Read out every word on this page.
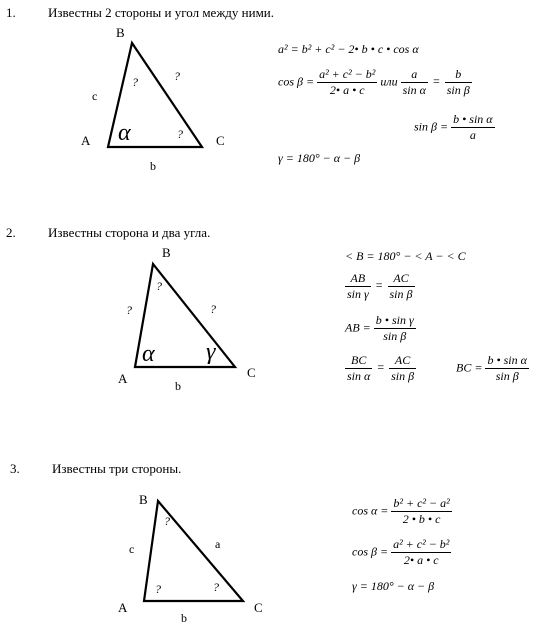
1. Известны 2 стороны и угол между ними.
B
A	C
c
b
?	?
?
α
a² = b² + c² − 2• b • c • cos α
$\cos \beta = \frac{\text{a² + c² − b²}}{2• a • c}$ или $\frac{a}{\text{sin α}} = \frac{b}{\text{sin β}}$
$\sin \beta = \frac{\text{b • sin α}}{a}$
γ = 180° − α − β
2. Известны сторона и два угла.
B
A	C
b
?
?
?
α γ
< B = 180° − < A − < C
$\frac{AB}{\text{sin γ}} = \frac{AC}{\text{sin β}}$
AB = $\frac{\text{b • sin γ}}{\text{sin β}}$
$\frac{BC}{\text{sin α}} = \frac{AC}{\text{sin β}}$	BC = $\frac{\text{b • sin α}}{\text{sin β}}$
3. Известны три стороны.
B
A	C
c	a
b
?
?	?
$\cos \alpha = \frac{\text{b² + c² − a²}}{2 • b • c}$
$\cos \beta = \frac{\text{a² + c² − b²}}{2• a • c}$
γ = 180° − α − β
